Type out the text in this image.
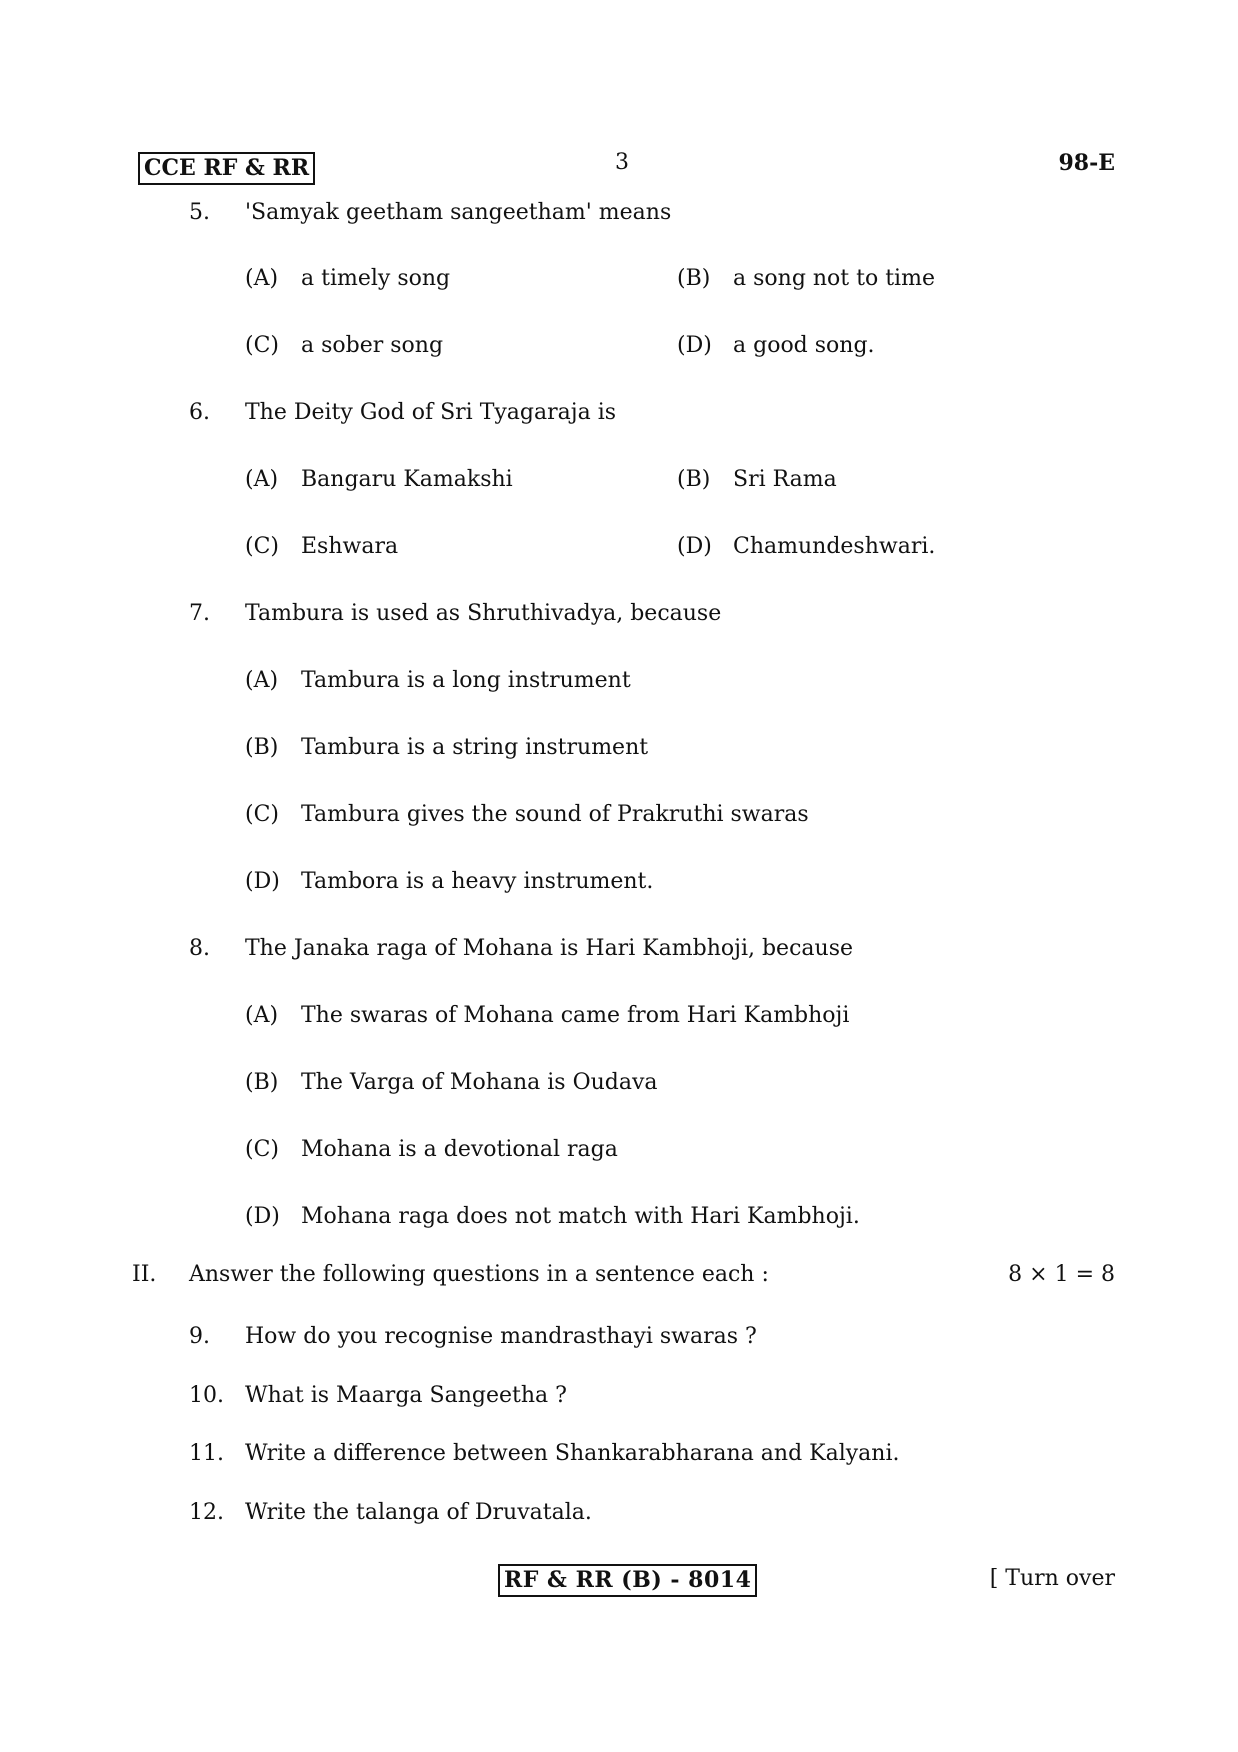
CCE RF & RR	3	98-E
5. 'Samyak geetham sangeetham' means
(A) a timely song	(B) a song not to time
(C) a sober song	(D) a good song.
6. The Deity God of Sri Tyagaraja is
(A) Bangaru Kamakshi	(B) Sri Rama
(C) Eshwara	(D) Chamundeshwari.
7. Tambura is used as Shruthivadya, because
(A) Tambura is a long instrument
(B) Tambura is a string instrument
(C) Tambura gives the sound of Prakruthi swaras
(D) Tambora is a heavy instrument.
8. The Janaka raga of Mohana is Hari Kambhoji, because
(A) The swaras of Mohana came from Hari Kambhoji
(B) The Varga of Mohana is Oudava
(C) Mohana is a devotional raga
(D) Mohana raga does not match with Hari Kambhoji.
II. Answer the following questions in a sentence each :	8 × 1 = 8
9. How do you recognise mandrasthayi swaras ?
10. What is Maarga Sangeetha ?
11. Write a difference between Shankarabharana and Kalyani.
12. Write the talanga of Druvatala.
RF & RR (B) - 8014	[ Turn over
